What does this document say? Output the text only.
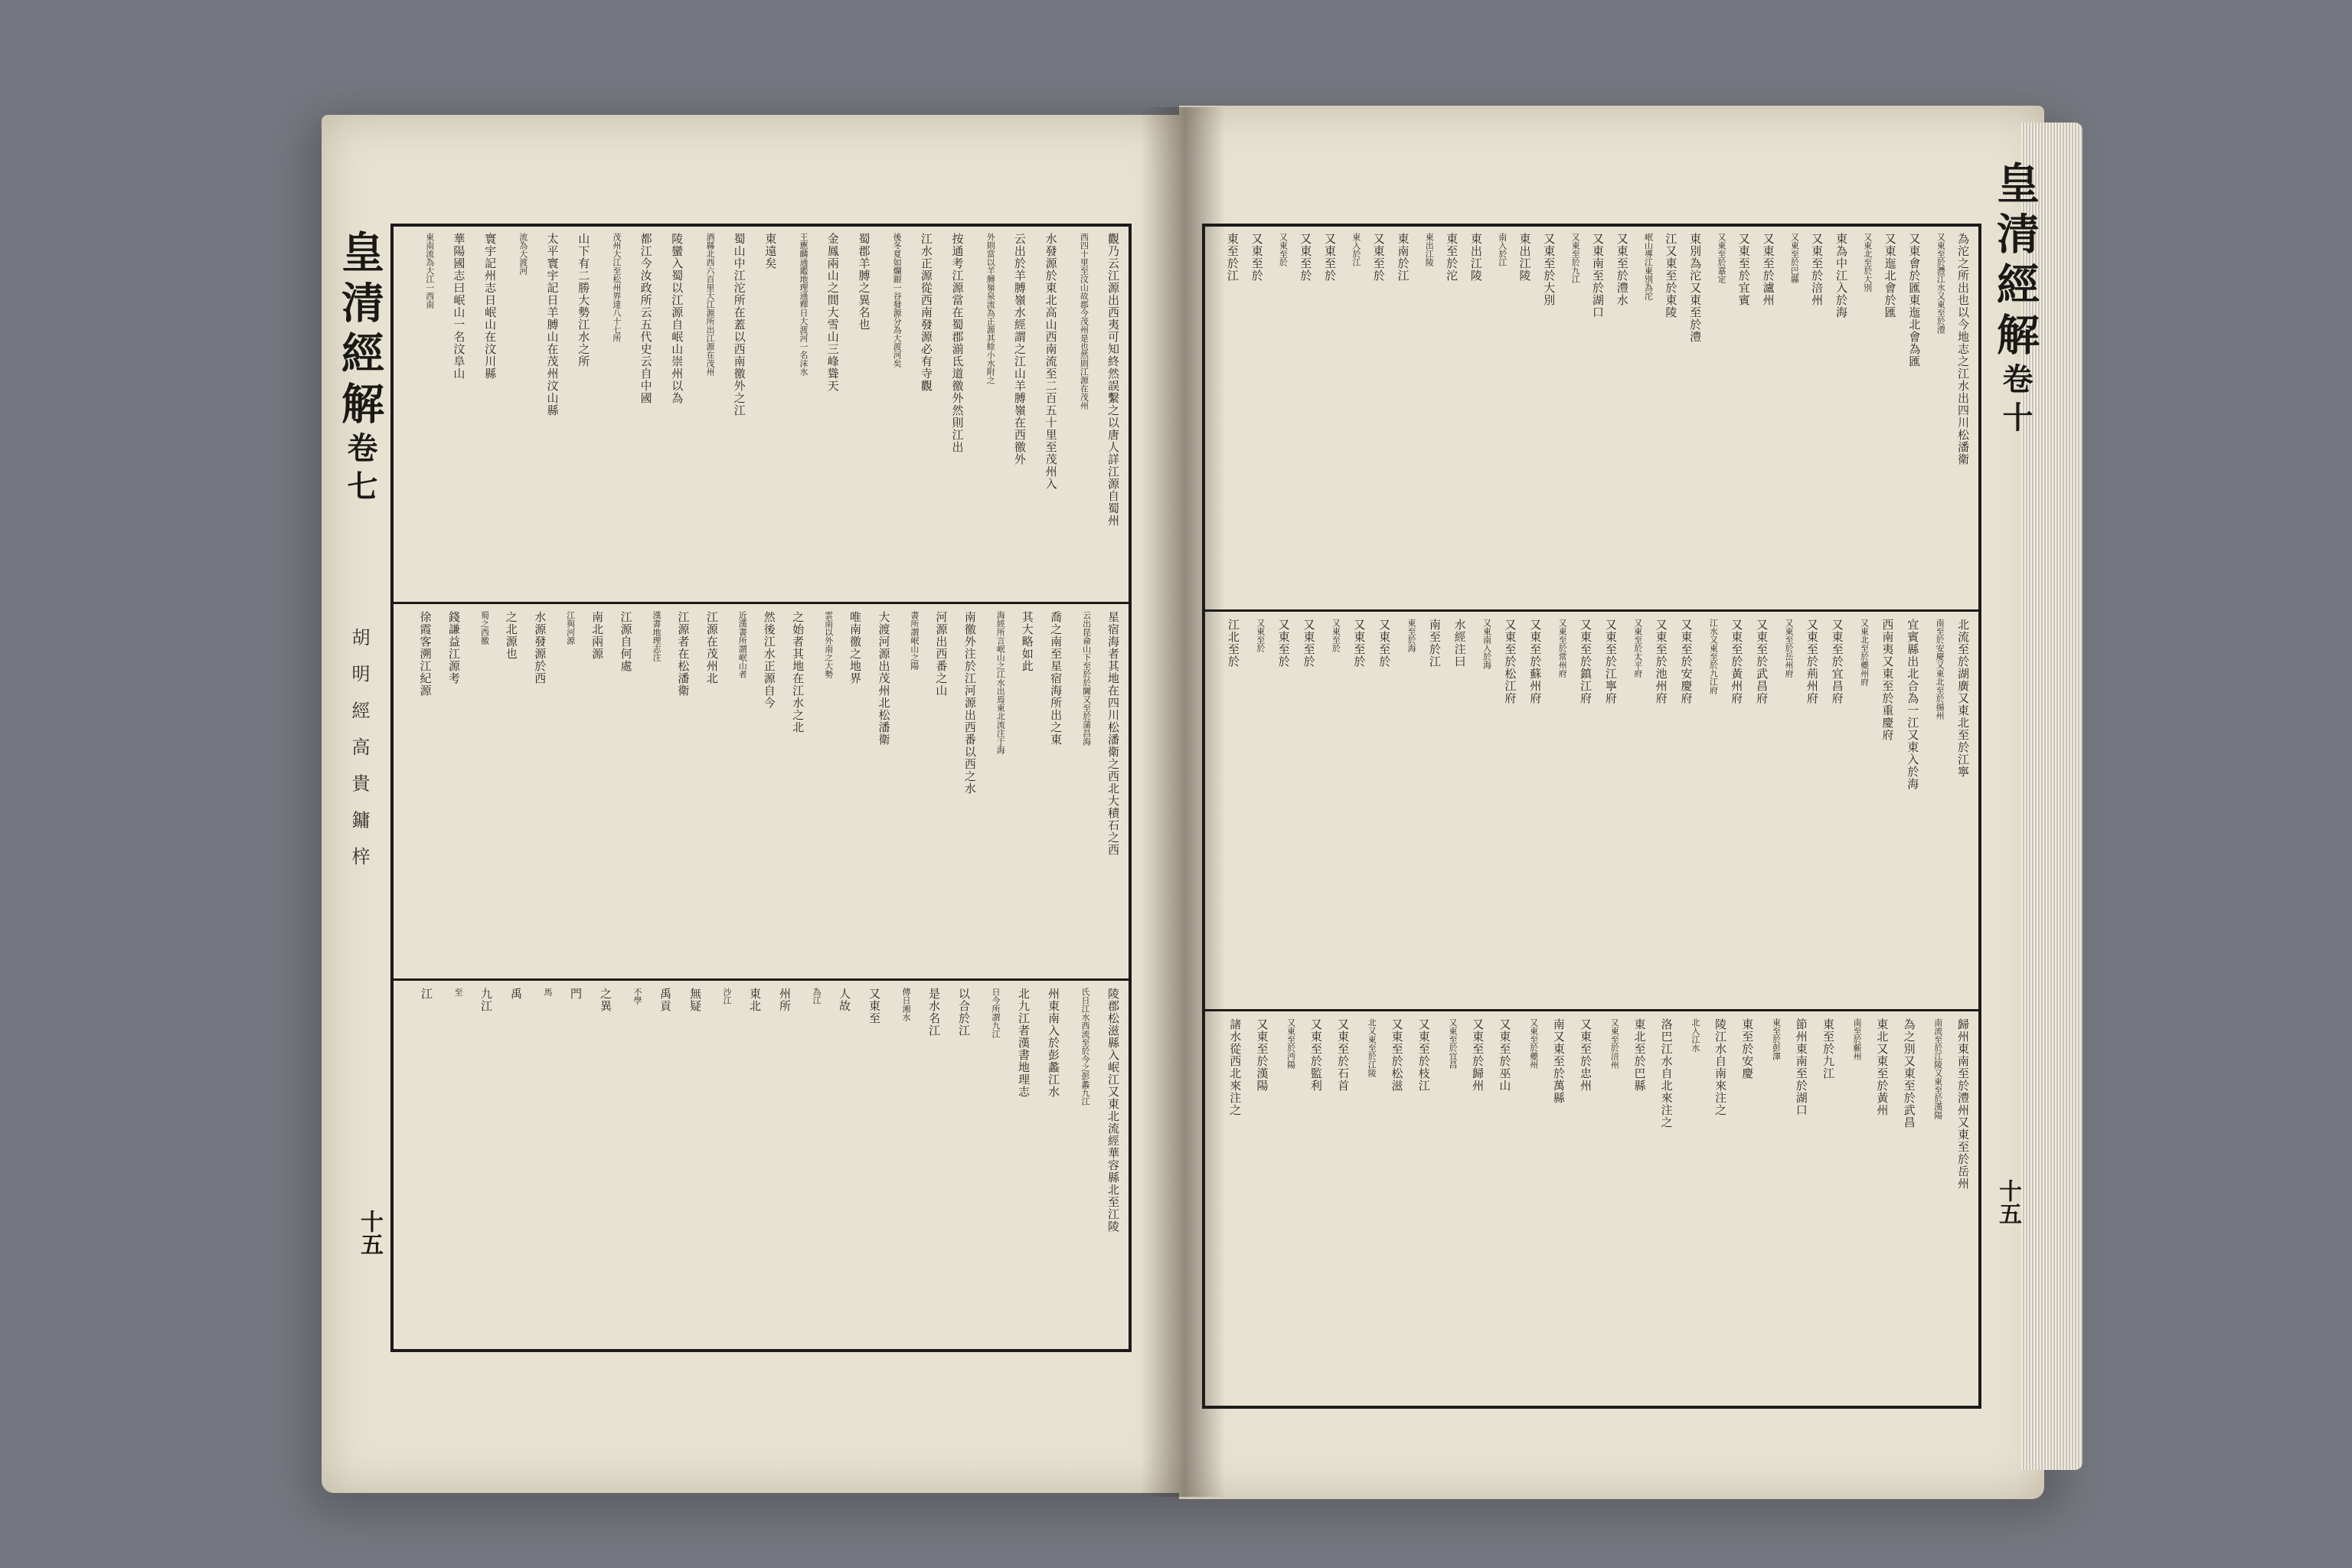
皇清經解卷七
胡 明 經 高 貴 鏞 梓
十五
皇清經解卷十
十五
觀乃云江源出西夷可知終然誤繫之以唐人詳江源自蜀州
西四十里至汶山故郡今茂州是也然則江源在茂州
水發源於東北高山西南流至二百五十里至茂州入
云出於羊膊嶺水經謂之江山羊膊嶺在西徼外
外則當以羊膊嶺泉流為正源其餘小水附之
按通考江源當在蜀郡湔氐道徼外然則江出
江水正源從西南發源必有寺觀
後冬夏如爛銀一谷發源分為大渡河矣
蜀郡羊膊之異名也
金鳳兩山之間大雪山三峰聳天
王應麟通鑑地理通釋日大渡河一名沫水
東遠矣
蜀山中江沱所在蓋以西南徼外之江
酒縣北西六百里大江源所出江源在茂州
陵蠻入蜀以江源自岷山崇州以為
都江今汝政所云五代史云自中國
茂州大江至松州界達八十七所
山下有二勝大勢江水之所
太平寰宇記日羊膊山在茂州汶山縣
流為大渡河
寰宇記州志日岷山在汶川縣
華陽國志曰岷山一名汶阜山
東南流為大江一西南
星宿海者其地在四川松潘衛之西北大積石之西
云出昆侖山下至於於闐又至於蒲昌海
喬之南至星宿海所出之東
其大略如此
海經所言岷山之江水出焉東北流注于海
南徼外注於江河源出西番以西之水
河源出西番之山
書所謂岷山之陽
大渡河源出茂州北松潘衛
唯南徼之地界
雲南以外南之大勢
之始者其地在江水之北
然後江水正源自今
近漢書所謂岷山者
江源在茂州北
江源者在松潘衛
漢書地理志注
江源自何處
南北兩源
江與河源
水源發源於西
之北源也
蜀之西徼
錢謙益江源考
徐霞客溯江紀源
陵郡松滋縣入岷江又東北流經華容縣北至江陵
氏日江水西流至於今之彭蠡九江
州東南入於彭蠡江水
北九江者漢書地理志
日今所謂九江
以合於江
是水名江
傳日湘水
又東至
人故
為江
州所
東北
沙江
無疑
禹貢
不學
之異
門
馬
禹
九江
至
江
為沱之所出也以今地志之江水出四川松潘衛
又東至於灃江水又東至於澧
又東會於匯東迤北會為匯
又東迤北會於匯
又東北至於大別
東為中江入於海
又東至於涪州
又東至於巴縣
又東至於瀘州
又東至於宜賓
又東至於嘉定
東別為沱又東至於澧
江又東至於東陵
岷山導江東別為沱
又東至於澧水
又東南至於湖口
又東至於九江
又東至於大別
東出江陵
南入於江
東出江陵
東至於沱
東出江陵
東南於江
又東至於
東入於江
又東至於
又東至於
又東至於
又東至於
東至於江
北流至於湖廣又東北至於江寧
南至於安慶又東北至於揚州
宜賓縣出北合為一江又東入於海
西南夷又東至於重慶府
又東北至於夔州府
又東至於宜昌府
又東至於荊州府
又東至於岳州府
又東至於武昌府
又東至於黃州府
江水又東至於九江府
又東至於安慶府
又東至於池州府
又東至於太平府
又東至於江寧府
又東至於鎮江府
又東至於常州府
又東至於蘇州府
又東至於松江府
又東南入於海
水經注曰
南至於江
東至於海
又東至於
又東至於
又東至於
又東至於
又東至於
又東至於
江北至於
歸州東南至於澧州又東至於岳州
南流至於江陵又東至於漢陽
為之別又東至於武昌
東北又東至於黃州
南至於蘄州
東至於九江
節州東南至於湖口
東至於彭澤
東至於安慶
陵江水自南來注之
北入江水
洛巴江水自北來注之
東北至於巴縣
又東至於涪州
又東至於忠州
南又東至於萬縣
又東至於夔州
又東至於巫山
又東至於歸州
又東至於宜昌
又東至於枝江
又東至於松滋
北又東至於江陵
又東至於石首
又東至於監利
又東至於沔陽
又東至於漢陽
諸水從西北來注之
